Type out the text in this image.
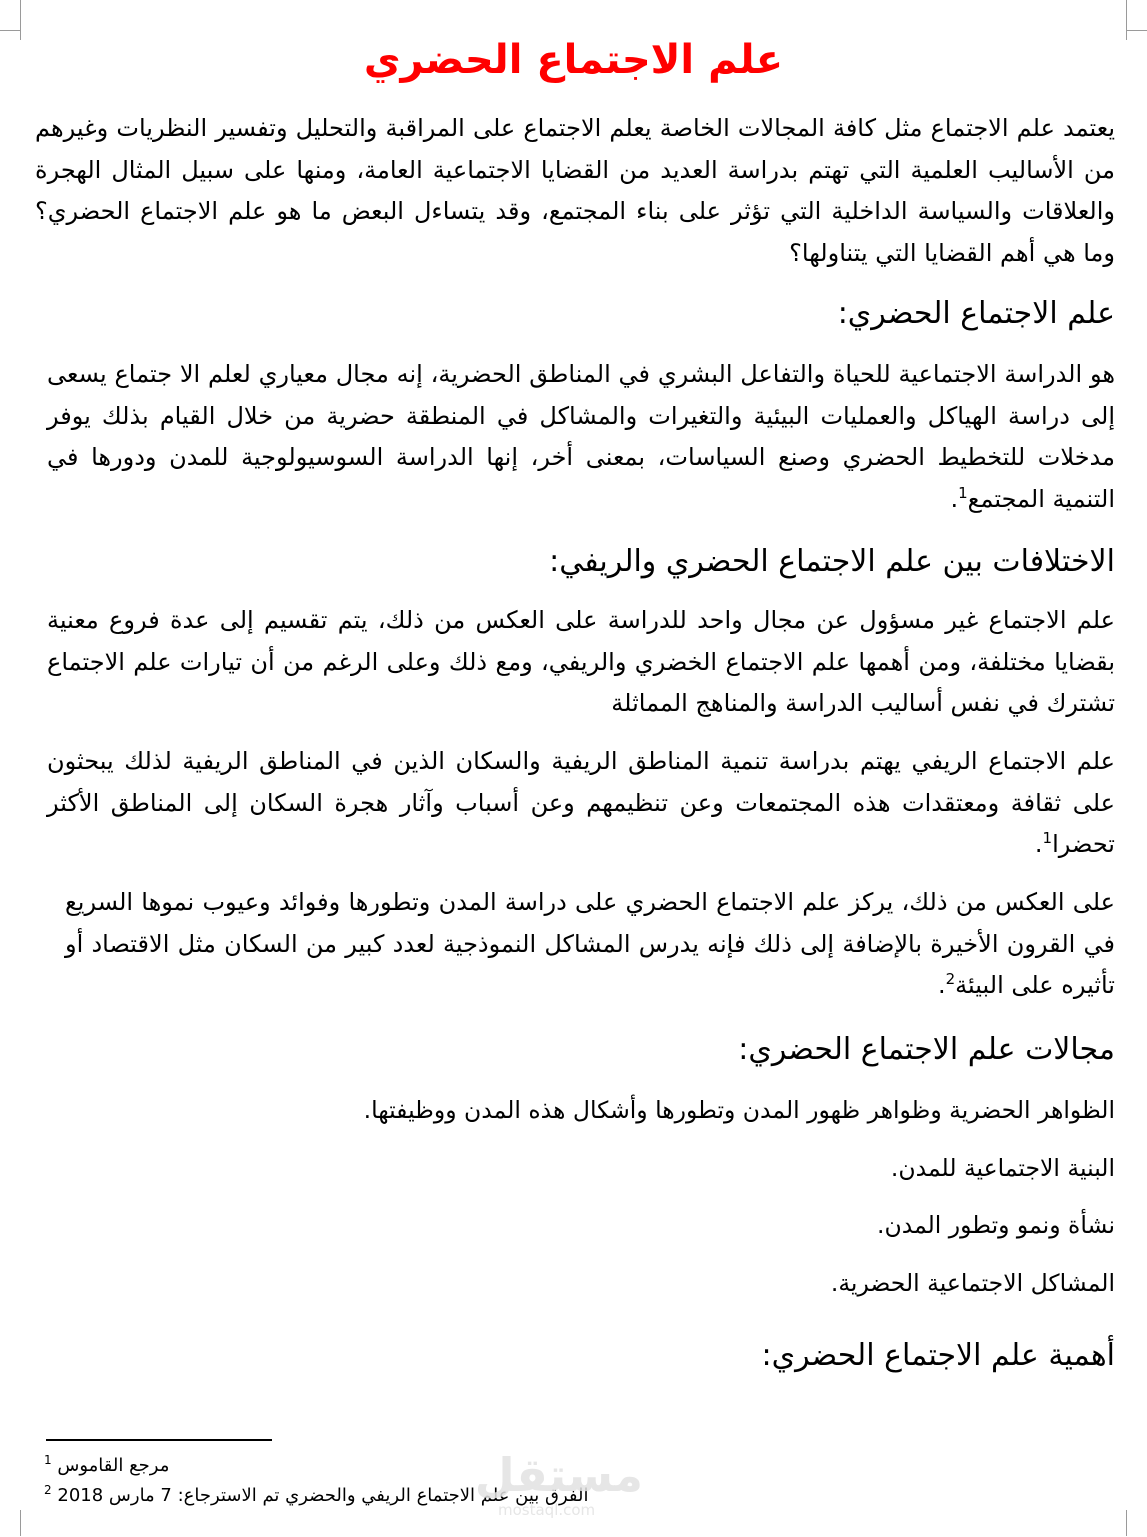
علم الاجتماع الحضري

يعتمد علم الاجتماع مثل كافة المجالات الخاصة يعلم الاجتماع على المراقبة والتحليل وتفسير النظريات وغيرهم من الأساليب العلمية التي تهتم بدراسة العديد من القضايا الاجتماعية العامة، ومنها على سبيل المثال الهجرة والعلاقات والسياسة الداخلية التي تؤثر على بناء المجتمع، وقد يتساءل البعض ما هو علم الاجتماع الحضري؟ وما هي أهم القضايا التي يتناولها؟

علم الاجتماع الحضري:

هو الدراسة الاجتماعية للحياة والتفاعل البشري في المناطق الحضرية، إنه مجال معياري لعلم الا جتماع يسعى إلى دراسة الهياكل والعمليات البيئية والتغيرات والمشاكل في المنطقة حضرية من خلال القيام بذلك يوفر مدخلات للتخطيط الحضري وصنع السياسات، بمعنى أخر، إنها الدراسة السوسيولوجية للمدن ودورها في التنمية المجتمع$^1$.

الاختلافات بين علم الاجتماع الحضري والريفي:

علم الاجتماع غير مسؤول عن مجال واحد للدراسة على العكس من ذلك، يتم تقسيم إلى عدة فروع معنية بقضايا مختلفة، ومن أهمها علم الاجتماع الخضري والريفي، ومع ذلك وعلى الرغم من أن تيارات علم الاجتماع تشترك في نفس أساليب الدراسة والمناهج المماثلة

علم الاجتماع الريفي يهتم بدراسة تنمية المناطق الريفية والسكان الذين في المناطق الريفية لذلك يبحثون على ثقافة ومعتقدات هذه المجتمعات وعن تنظيمهم وعن أسباب وآثار هجرة السكان إلى المناطق الأكثر تحضرا$^1$.

على العكس من ذلك، يركز علم الاجتماع الحضري على دراسة المدن وتطورها وفوائد وعيوب نموها السريع في القرون الأخيرة بالإضافة إلى ذلك فإنه يدرس المشاكل النموذجية لعدد كبير من السكان مثل الاقتصاد أو تأثيره على البيئة$^2$.

مجالات علم الاجتماع الحضري:

الظواهر الحضرية وظواهر ظهور المدن وتطورها وأشكال هذه المدن ووظيفتها.

البنية الاجتماعية للمدن.

نشأة ونمو وتطور المدن.

المشاكل الاجتماعية الحضرية.

أهمية علم الاجتماع الحضري:
$^1$ مرجع القاموس
$^2$ الفرق بين علم الاجتماع الريفي والحضري تم الاسترجاع: 7 مارس 2018
مستقل
mostaql.com
